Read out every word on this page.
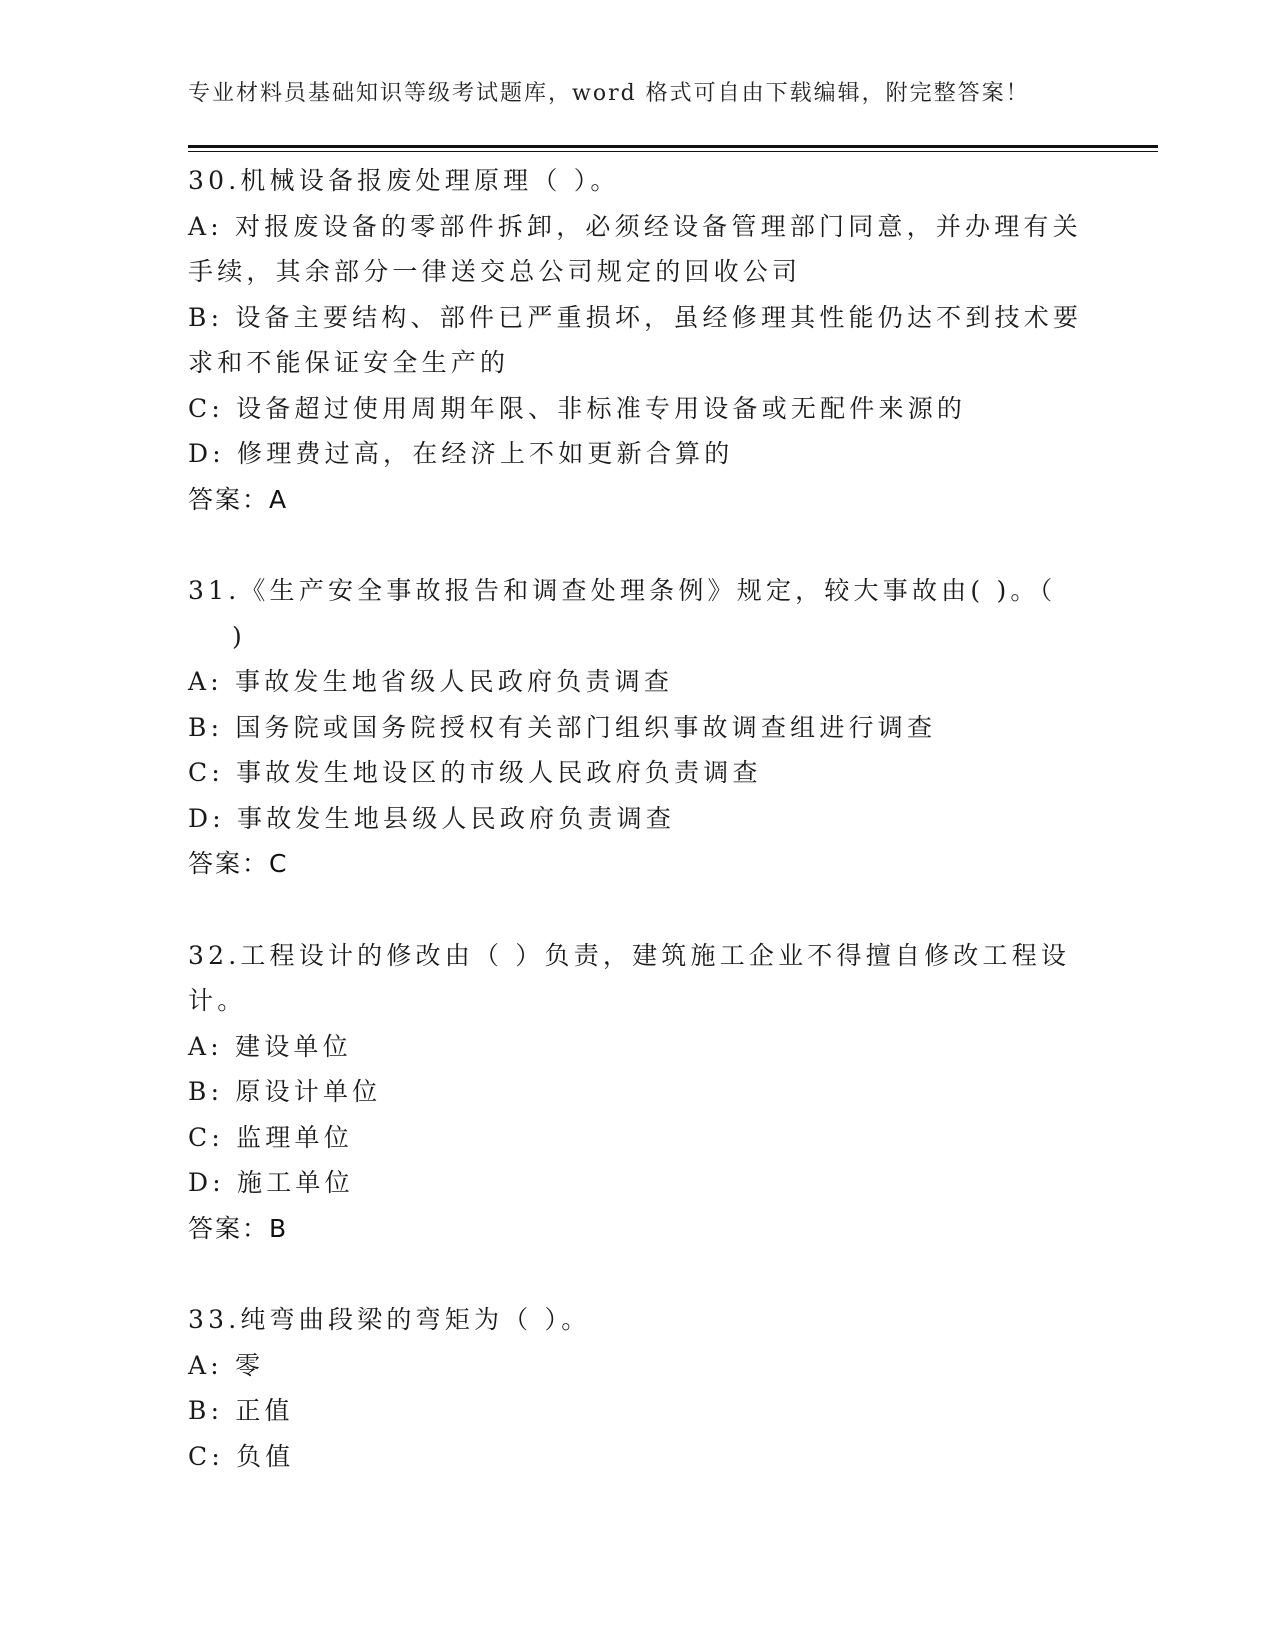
专业材料员基础知识等级考试题库，word 格式可自由下载编辑，附完整答案！
30.机械设备报废处理原理（ ）。
A: 对报废设备的零部件拆卸，必须经设备管理部门同意，并办理有关
手续，其余部分一律送交总公司规定的回收公司
B: 设备主要结构、部件已严重损坏，虽经修理其性能仍达不到技术要
求和不能保证安全生产的
C: 设备超过使用周期年限、非标准专用设备或无配件来源的
D: 修理费过高，在经济上不如更新合算的
答案：A
31.《生产安全事故报告和调查处理条例》规定，较大事故由( )。（
)
A: 事故发生地省级人民政府负责调查
B: 国务院或国务院授权有关部门组织事故调查组进行调查
C: 事故发生地设区的市级人民政府负责调查
D: 事故发生地县级人民政府负责调查
答案：C
32.工程设计的修改由（ ）负责，建筑施工企业不得擅自修改工程设
计。
A: 建设单位
B: 原设计单位
C: 监理单位
D: 施工单位
答案：B
33.纯弯曲段梁的弯矩为（ ）。
A: 零
B: 正值
C: 负值
